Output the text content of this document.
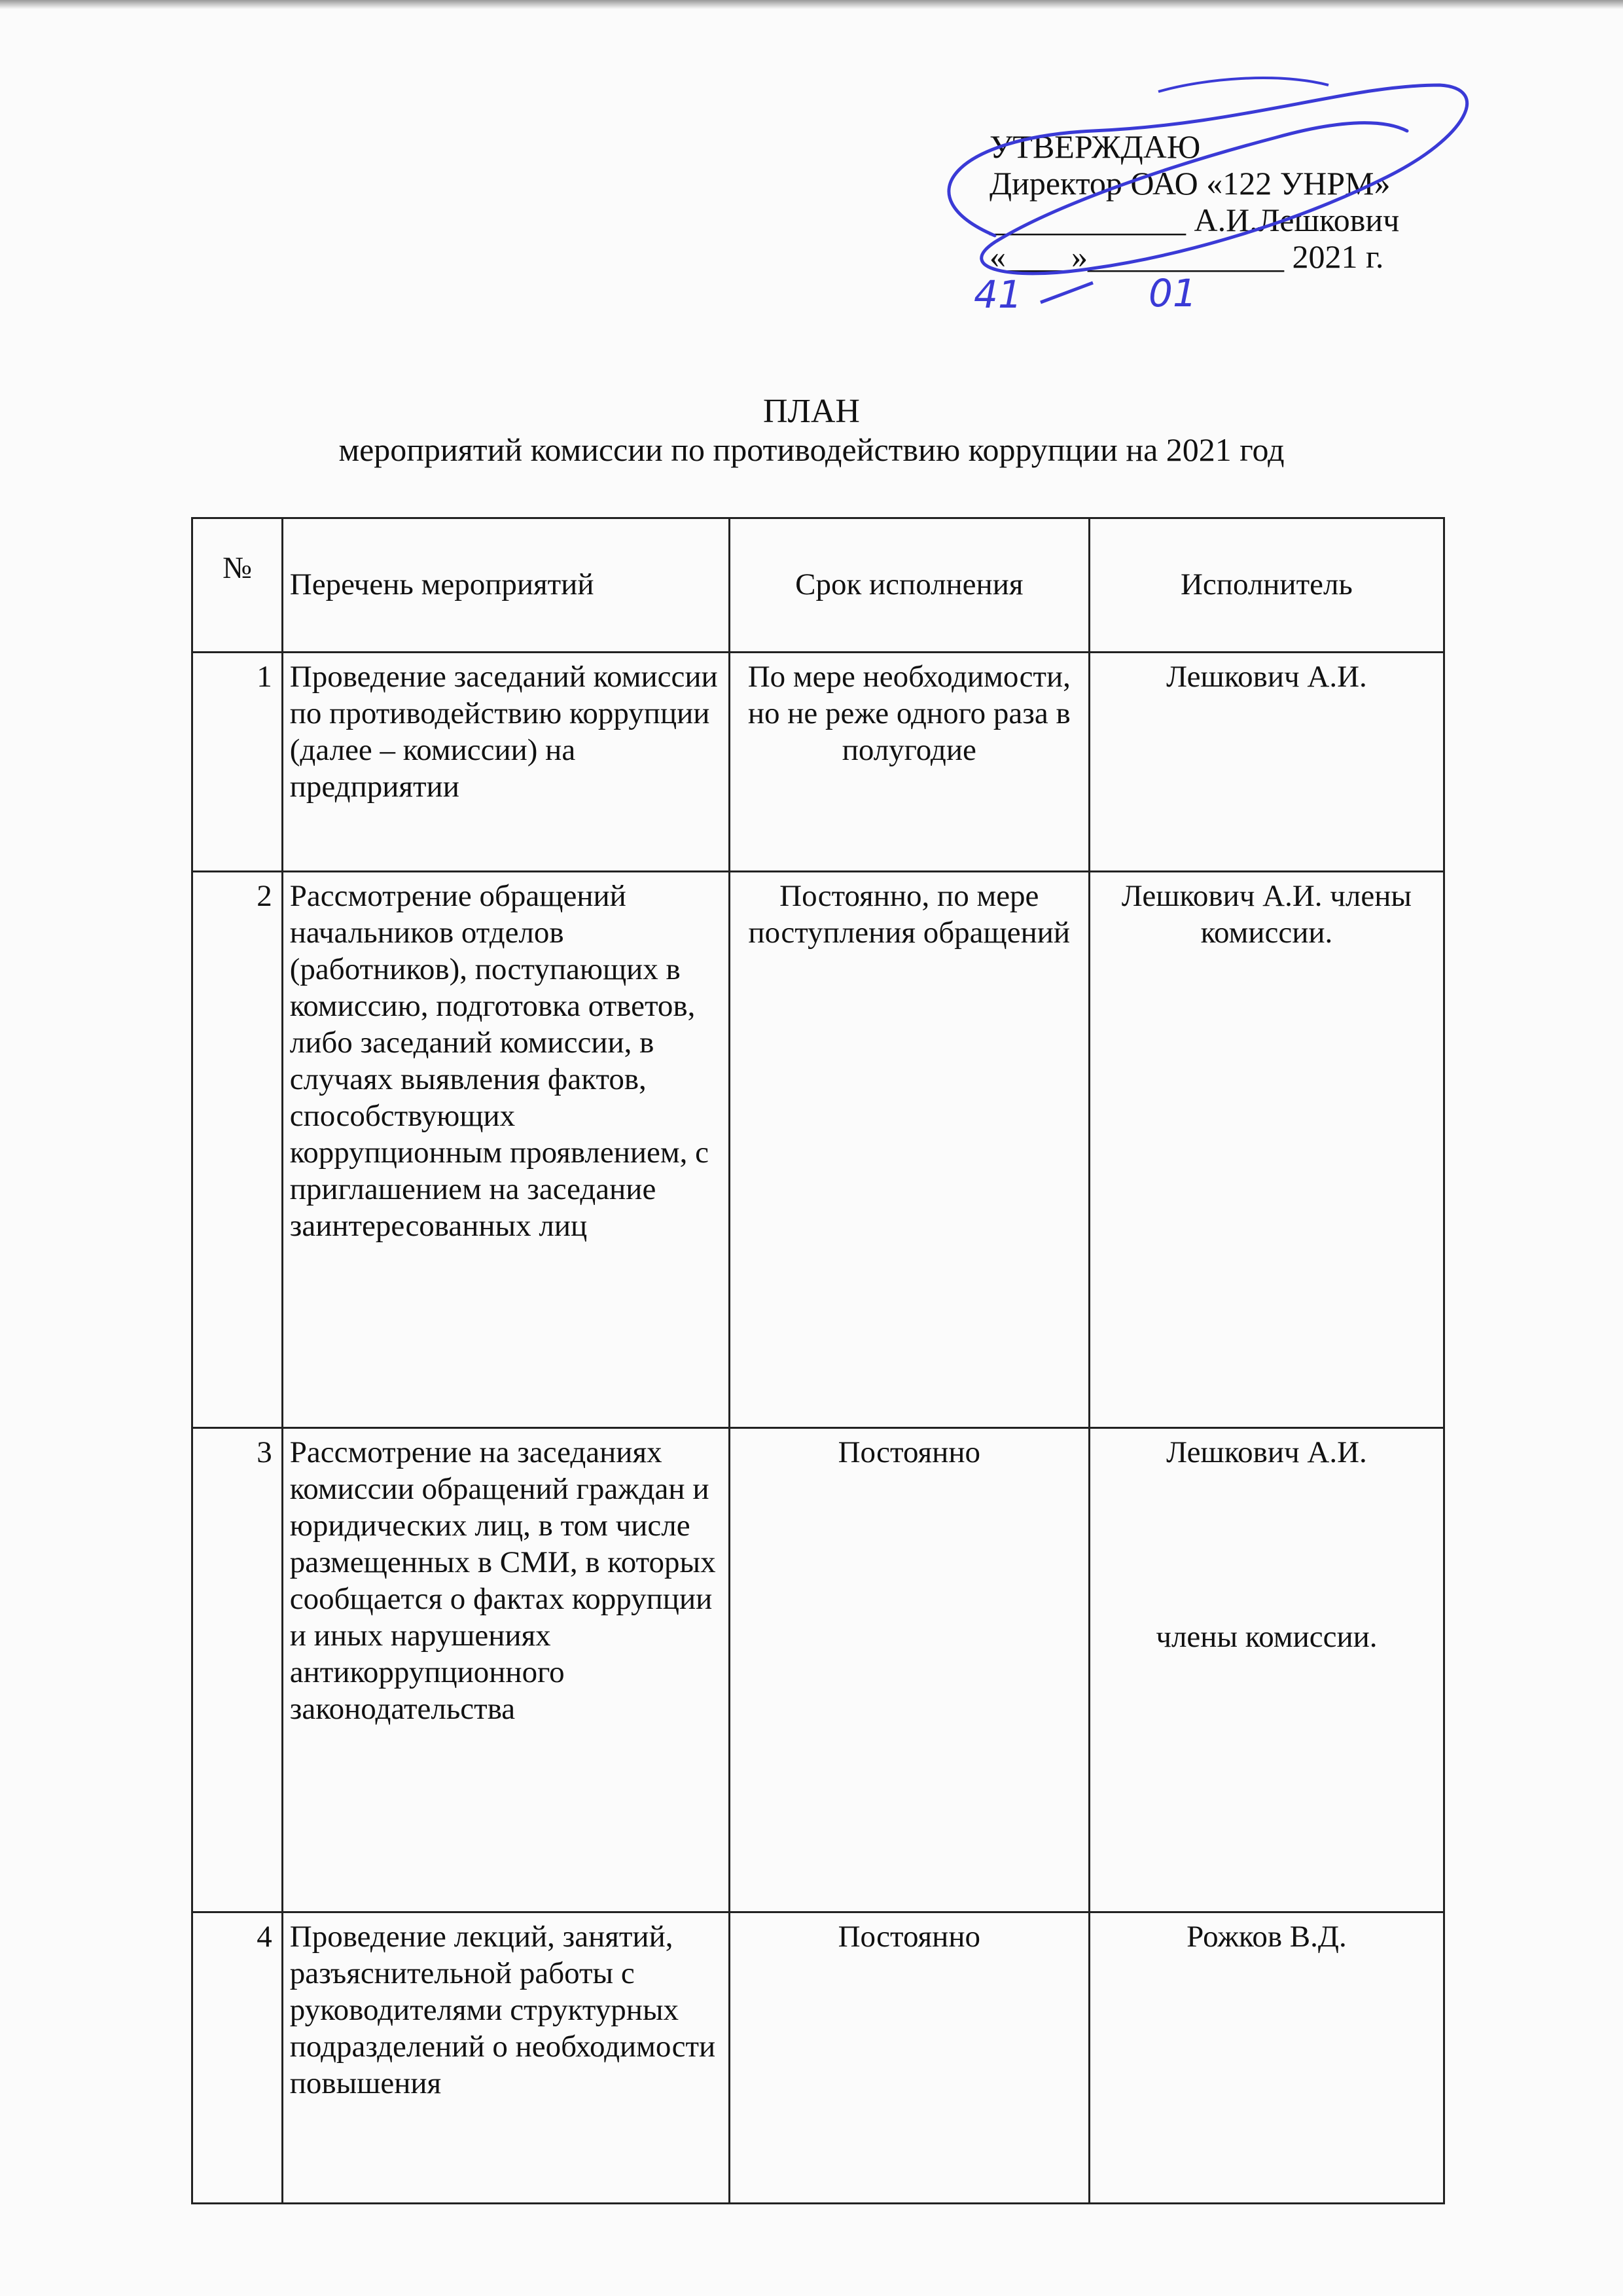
УТВЕРЖДАЮ
Директор ОАО «122 УНРМ»
____________ А.И.Лешкович
«____»____________ 2021 г.
41	01
ПЛАН
мероприятий комиссии по противодействию коррупции на 2021 год
№	Перечень мероприятий	Срок исполнения	Исполнитель
1	Проведение заседаний комиссии по противодействию коррупции (далее – комиссии) на предприятии	По мере необходимости, но не реже одного раза в полугодие	Лешкович А.И.

2	Рассмотрение обращений начальников отделов (работников), поступающих в комиссию, подготовка ответов, либо заседаний комиссии, в случаях выявления фактов, способствующих коррупционным проявлением, с приглашением на заседание заинтересованных лиц	Постоянно, по мере поступления обращений	Лешкович А.И. члены комиссии.

3	Рассмотрение на заседаниях комиссии обращений граждан и юридических лиц, в том числе размещенных в СМИ, в которых сообщается о фактах коррупции и иных нарушениях антикоррупционного законодательства	Постоянно	Лешкович А.И.
члены комиссии.

4	Проведение лекций, занятий, разъяснительной работы с руководителями структурных подразделений о необходимости повышения	Постоянно	Рожков В.Д.
